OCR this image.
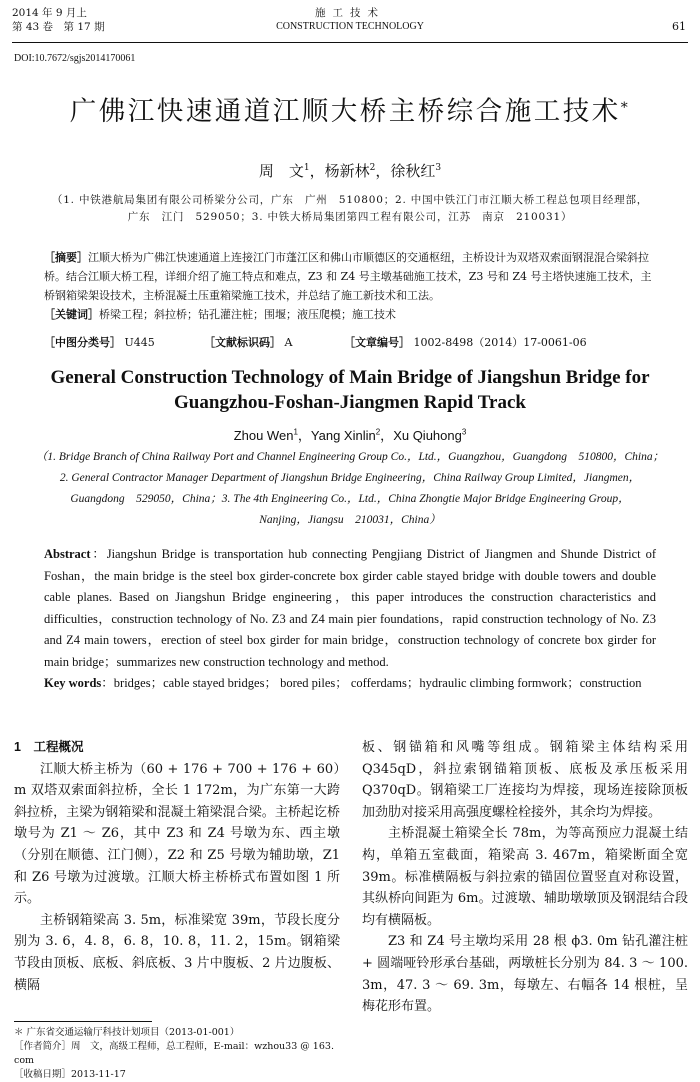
2014 年 9 月上
第 43 卷　第 17 期
施工技术
CONSTRUCTION TECHNOLOGY	61
DOI:10.7672/sgjs2014170061
广佛江快速通道江顺大桥主桥综合施工技术*
周　文$^1$，杨新林$^2$，徐秋红$^3$
（1. 中铁港航局集团有限公司桥梁分公司，广东　广州　510800；2. 中国中铁江门市江顺大桥工程总包项目经理部，
广东　江门　529050；3. 中铁大桥局集团第四工程有限公司，江苏　南京　210031）

［摘要］江顺大桥为广佛江快速通道上连接江门市蓬江区和佛山市顺德区的交通枢纽，主桥设计为双塔双索面钢混混合梁斜拉桥。结合江顺大桥工程，详细介绍了施工特点和难点，Z3 和 Z4 号主墩基础施工技术，Z3 号和 Z4 号主塔快速施工技术，主桥钢箱梁架设技术，主桥混凝土压重箱梁施工技术，并总结了施工新技术和工法。

［关键词］桥梁工程；斜拉桥；钻孔灌注桩；围堰；液压爬模；施工技术

［中图分类号］ U445	［文献标识码］ A	［文章编号］ 1002-8498（2014）17-0061-06
General Construction Technology of Main Bridge of Jiangshun Bridge for
Guangzhou-Foshan-Jiangmen Rapid Track
Zhou Wen$^1$，Yang Xinlin$^2$，Xu Qiuhong$^3$
（1. Bridge Branch of China Railway Port and Channel Engineering Group Co.，Ltd.，Guangzhou，Guangdong　510800，China；
2. General Contractor Manager Department of Jiangshun Bridge Engineering，China Railway Group Limited，Jiangmen，
Guangdong　529050，China；3. The 4th Engineering Co.，Ltd.，China Zhongtie Major Bridge Engineering Group，
Nanjing，Jiangsu　210031，China）

Abstract：Jiangshun Bridge is transportation hub connecting Pengjiang District of Jiangmen and Shunde District of Foshan，the main bridge is the steel box girder-concrete box girder cable stayed bridge with double towers and double cable planes. Based on Jiangshun Bridge engineering，this paper introduces the construction characteristics and difficulties，construction technology of No. Z3 and Z4 main pier foundations，rapid construction technology of No. Z3 and Z4 main towers，erection of steel box girder for main bridge，construction technology of concrete box girder for main bridge；summarizes new construction technology and method.

Key words：bridges；cable stayed bridges； bored piles； cofferdams；hydraulic climbing formwork；construction

1　工程概况

江顺大桥主桥为（60 + 176 + 700 + 176 + 60）m 双塔双索面斜拉桥，全长 1 172m，为广东第一大跨斜拉桥，主梁为钢箱梁和混凝土箱梁混合梁。主桥起讫桥墩号为 Z1 ～ Z6，其中 Z3 和 Z4 号墩为东、西主墩（分别在顺德、江门侧），Z2 和 Z5 号墩为辅助墩，Z1 和 Z6 号墩为过渡墩。江顺大桥主桥桥式布置如图 1 所示。

主桥钢箱梁高 3. 5m，标准梁宽 39m，节段长度分别为 3. 6，4. 8，6. 8，10. 8，11. 2，15m。钢箱梁节段由顶板、底板、斜底板、3 片中腹板、2 片边腹板、横隔

板、钢锚箱和风嘴等组成。钢箱梁主体结构采用 Q345qD，斜拉索钢锚箱顶板、底板及承压板采用 Q370qD。钢箱梁工厂连接均为焊接，现场连接除顶板加劲肋对接采用高强度螺栓栓接外，其余均为焊接。

主桥混凝土箱梁全长 78m，为等高预应力混凝土结构，单箱五室截面，箱梁高 3. 467m，箱梁断面全宽 39m。标准横隔板与斜拉索的锚固位置竖直对称设置，其纵桥向间距为 6m。过渡墩、辅助墩墩顶及钢混结合段均有横隔板。

Z3 和 Z4 号主墩均采用 28 根 ϕ3. 0m 钻孔灌注桩 + 圆端哑铃形承台基础，两墩桩长分别为 84. 3 ～ 100. 3m，47. 3 ～ 69. 3m，每墩左、右幅各 14 根桩，呈梅花形布置。

＊ 广东省交通运输厅科技计划项目（2013-01-001）

［作者简介］周　文，高级工程师，总工程师，E-mail：wzhou33 @ 163. com

［收稿日期］2013-11-17
